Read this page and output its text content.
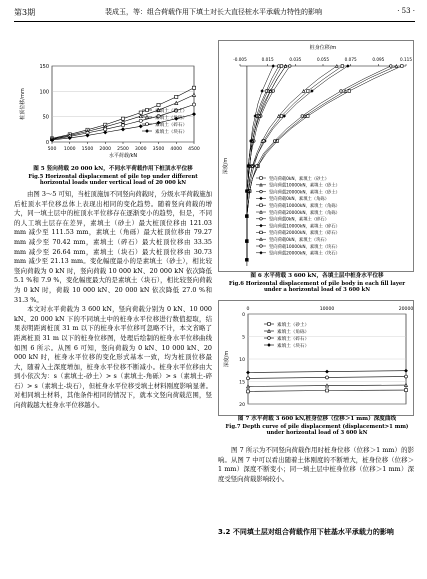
第3期	裴成玉，等：组合荷载作用下填土对长大直径桩水平承载力特性的影响	· 53 ·
0
50
100
150
500 1000 1500 2000 2500 3000 3500 4000 4500
水平荷载/kN
桩顶位移/mm	素填土（砂土）
素填土（角砾）
素填土（碎石）
素填土（块石）
图 5 竖向荷载 20 000 kN，不同水平荷载作用下桩顶水平位移
Fig.5 Horizontal displacement of pile top under different horizontal loads under vertical load of 20 000 kN

由图 3～5 可知，当桩顶施加不同竖向荷载时，分级水平荷载施加后桩顶水平位移总体上表现出相同的变化趋势。随着竖向荷载的增大，同一填土层中的桩顶水平位移存在逐渐变小的趋势，但是，不同的人工填土层存在差异，素填土（砂土）最大桩顶位移由 121.03 mm 减少至 111.53 mm，素填土（角砾）最大桩顶位移由 79.27 mm 减少至 70.42 mm，素填土（碎石）最大桩顶位移由 33.35 mm 减少至 26.64 mm，素填土（块石）最大桩顶位移由 30.73 mm 减少至 21.13 mm。变化幅度最小的是素填土（砂土），相比较竖向荷载为 0 kN 时，竖向荷载 10 000 kN、20 000 kN 依次降低 5.1 %和 7.9 %，变化幅度最大的是素填土（块石），相比较竖向荷载为 0 kN 时，荷载 10 000 kN、20 000 kN 依次降低 27.0 %和 31.3 %。

本文对水平荷载为 3 600 kN，竖向荷载分别为 0 kN、10 000 kN、20 000 kN 下的不同填土中的桩身水平位移进行数值提取，结果表明距离桩顶 31 m 以下的桩身水平位移可忽略不计，本文省略了距离桩顶 31 m 以下的桩身位移图，处理后绘制的桩身水平位移曲线如图 6 所示。从图 6 可知，竖向荷载为 0 kN、10 000 kN、20 000 kN 时，桩身水平位移的变化形式基本一致，均为桩顶位移最大，随着入土深度增加，桩身水平位移不断减小。桩身水平位移由大到小依次为：s（素填土-砂土）> s（素填土-角砾）> s（素填土-碎石）> s（素填土-块石），但桩身水平位移受填土材料刚度影响显著。对相同填土材料，其他条件相同的情况下，就本文竖向荷载范围，竖向荷载越大桩身水平位移越小。

桩身位移/m
-0.005	0.015	0.035	0.055	0.075	0.095	0.115
深度/m
竖向荷载0kN，素填土（砂土）
竖向荷载10000kN，素填土（砂土）
竖向荷载20000kN，素填土（砂土）
竖向荷载0kN，素填土（角砾）
竖向荷载10000kN，素填土（角砾）
竖向荷载20000kN，素填土（角砾）
竖向荷载0kN，素填土（碎石）
竖向荷载10000kN，素填土（碎石）
竖向荷载20000kN，素填土（碎石）
竖向荷载0kN，素填土（块石）
竖向荷载10000kN，素填土（块石）
竖向荷载20000kN，素填土（块石）
图 6 水平荷载 3 600 kN，各填土层中桩身水平位移
Fig.6 Horizontal displacement of pile body in each fill layer under a horizontal load of 3 600 kN
0	10000	20000
0
5
10
15
20
深度/m
素填土（砂土）
素填土（角砾）
素填土（碎石）
素填土（块石）
图 7 水平荷载 3 600 kN,桩身位移（位移＞1 mm）深度曲线
Fig.7 Depth curve of pile displacement (displacement>1 mm) under horizontal load of 3 600 kN

图 7 所示为不同竖向荷载作用时桩身位移（位移＞1 mm）的影响。从图 7 中可以看出随着土体刚度的不断增大，桩身位移（位移＞1 mm）深度不断变小；同一填土层中桩身位移（位移＞1 mm）深度受竖向荷载影响较小。

3.2 不同填土层对组合荷载作用下桩基水平承载力的影响
